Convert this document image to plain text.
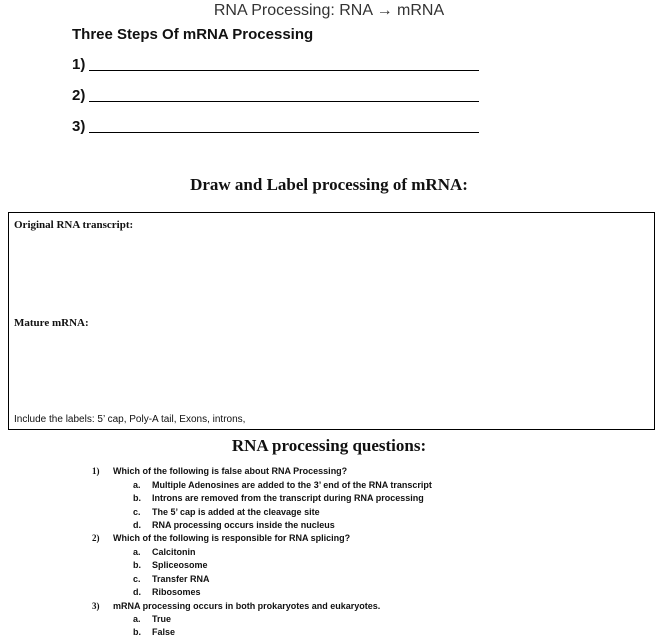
RNA Processing: RNA → mRNA
Three Steps Of mRNA Processing
1)
2)
3)
Draw and Label processing of mRNA:
Original RNA transcript:
Mature mRNA:
Include the labels: 5’ cap, Poly-A tail, Exons, introns,
RNA processing questions:
1) Which of the following is false about RNA Processing?
a. Multiple Adenosines are added to the 3’ end of the RNA transcript
b. Introns are removed from the transcript during RNA processing
c. The 5’ cap is added at the cleavage site
d. RNA processing occurs inside the nucleus
2) Which of the following is responsible for RNA splicing?
a. Calcitonin
b. Spliceosome
c. Transfer RNA
d. Ribosomes
3) mRNA processing occurs in both prokaryotes and eukaryotes.
a. True
b. False
